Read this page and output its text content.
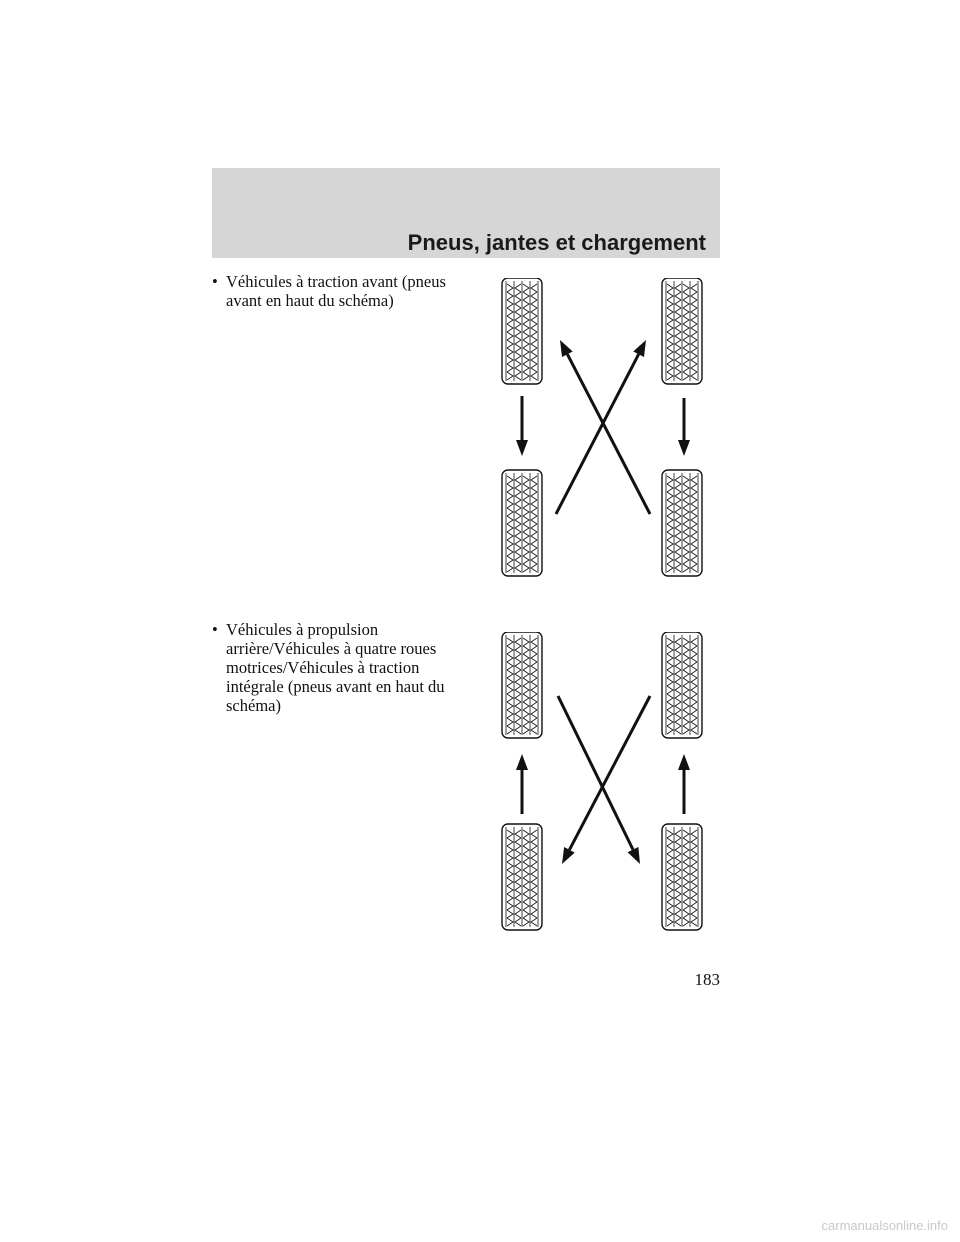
Pneus, jantes et chargement
• Véhicules à traction avant (pneus avant en haut du schéma)
• Véhicules à propulsion arrière/Véhicules à quatre roues motrices/Véhicules à traction intégrale (pneus avant en haut du schéma)
183
carmanualsonline.info
